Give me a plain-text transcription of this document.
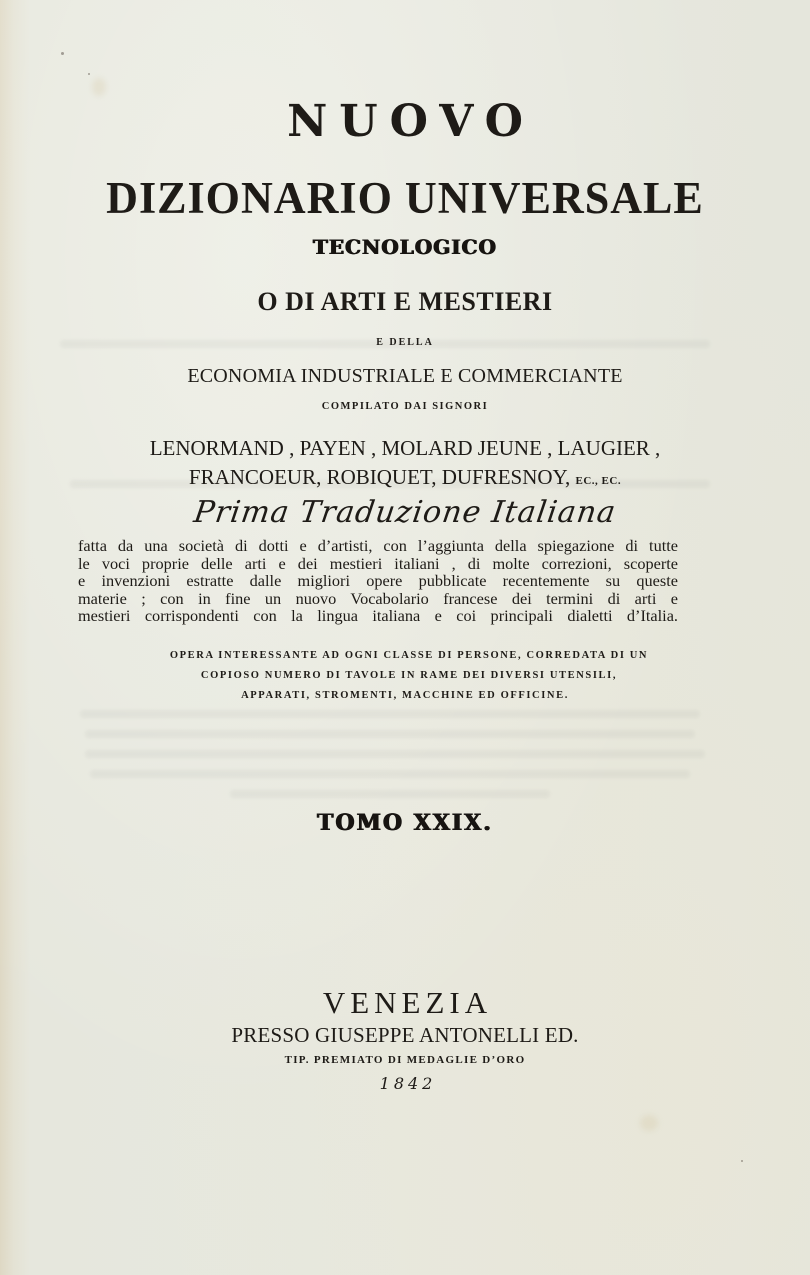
NUOVO
DIZIONARIO UNIVERSALE
TECNOLOGICO
O DI ARTI E MESTIERI
E DELLA
ECONOMIA INDUSTRIALE E COMMERCIANTE
COMPILATO DAI SIGNORI
LENORMAND , PAYEN , MOLARD JEUNE , LAUGIER ,
FRANCOEUR, ROBIQUET, DUFRESNOY, EC., EC.
Prima Traduzione Italiana
fatta da una società di dotti e d’artisti, con l’aggiunta della spiegazione di tutte
le voci proprie delle arti e dei mestieri italiani , di molte correzioni, scoperte
e invenzioni estratte dalle migliori opere pubblicate recentemente su queste
materie ; con in fine un nuovo Vocabolario francese dei termini di arti e
mestieri corrispondenti con la lingua italiana e coi principali dialetti d’Italia.
OPERA INTERESSANTE AD OGNI CLASSE DI PERSONE, CORREDATA DI UN
COPIOSO NUMERO DI TAVOLE IN RAME DEI DIVERSI UTENSILI,
APPARATI, STROMENTI, MACCHINE ED OFFICINE.
TOMO XXIX.
VENEZIA
PRESSO GIUSEPPE ANTONELLI ED.
TIP. PREMIATO DI MEDAGLIE D’ORO
1842
